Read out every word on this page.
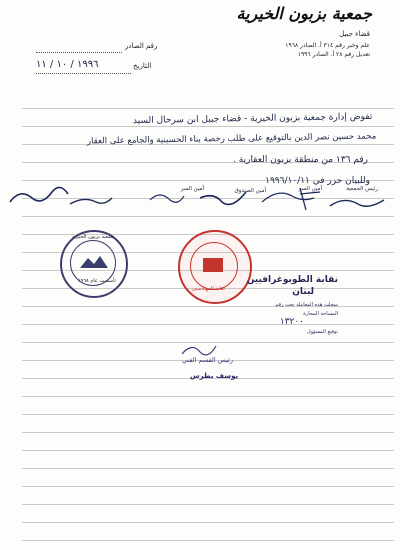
جمعية بزبون الخيرية
قضاء جبيل
علم وخبر رقم ٣١٤ أ. الصادر ١٩٦٨
تعديل رقم ٢٨ أ. الصادر ١٩٩٦
رقم الصادر
التاريخ
١٩٩٦ / ١٠ / ١١
تفوض إدارة جمعية بزبون الخيرية - قضاء جبيل ابن سرحال السيد
محمد حسين نصر الدين بالتوقيع على طلب رخصة بناء الحسينية والجامع على العقار
رقم ١٣٦ من منطقة بزبون العقارية .
وللبيان حرر في ١٩٩٦/١٠/١١
رئيس الجمعية
أمين السر
أمين الصندوق
أمين السر
جمعية بزبون الخيرية
تأسست عام ١٩٦٨
نقابة المهندسين
نقابة الطوبوغرافيين
لبنان
سجلت هذه المعاملة تحت رقم
المساحة المجازة
١٣٢٠٠
توقيع المسؤول
رئيس القسم الفني
يوسف بطرس
